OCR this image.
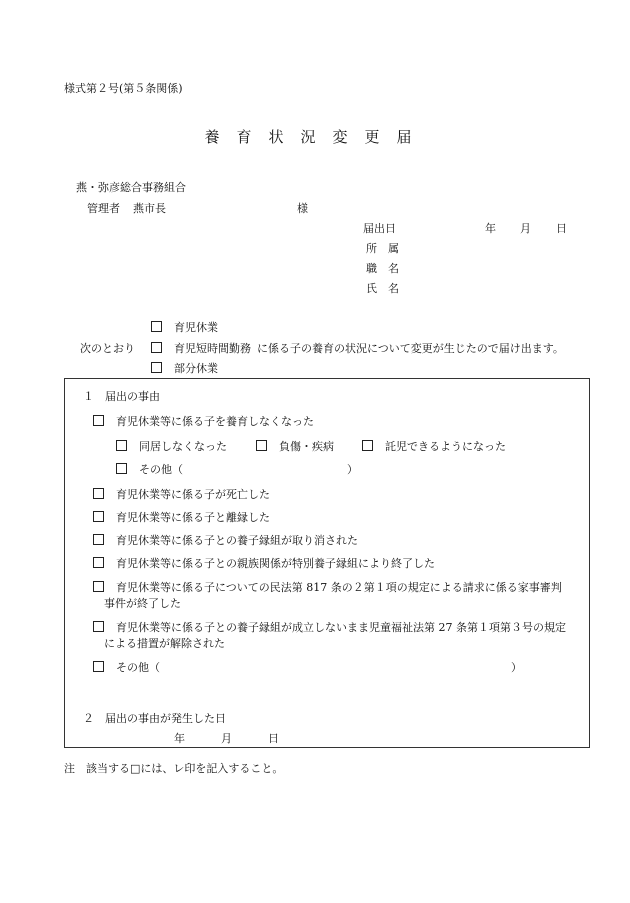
様式第２号(第５条関係)
養 育 状 況 変 更 届
燕・弥彦総合事務組合
管理者 燕市長	様
届出日	年 月 日
所　属
職　名
氏　名
育児休業
次のとおり	育児短時間勤務 に係る子の養育の状況について変更が生じたので届け出ます。
部分休業
１　届出の事由
育児休業等に係る子を養育しなくなった
同居しなくなった	負傷・疾病	託児できるようになった
その他（	）
育児休業等に係る子が死亡した
育児休業等に係る子と離縁した
育児休業等に係る子との養子縁組が取り消された
育児休業等に係る子との親族関係が特別養子縁組により終了した
育児休業等に係る子についての民法第 817 条の２第１項の規定による請求に係る家事審判
事件が終了した
育児休業等に係る子との養子縁組が成立しないまま児童福祉法第 27 条第１項第３号の規定
による措置が解除された
その他（	）
２　届出の事由が発生した日
年	月	日
注　該当する□には、レ印を記入すること。
